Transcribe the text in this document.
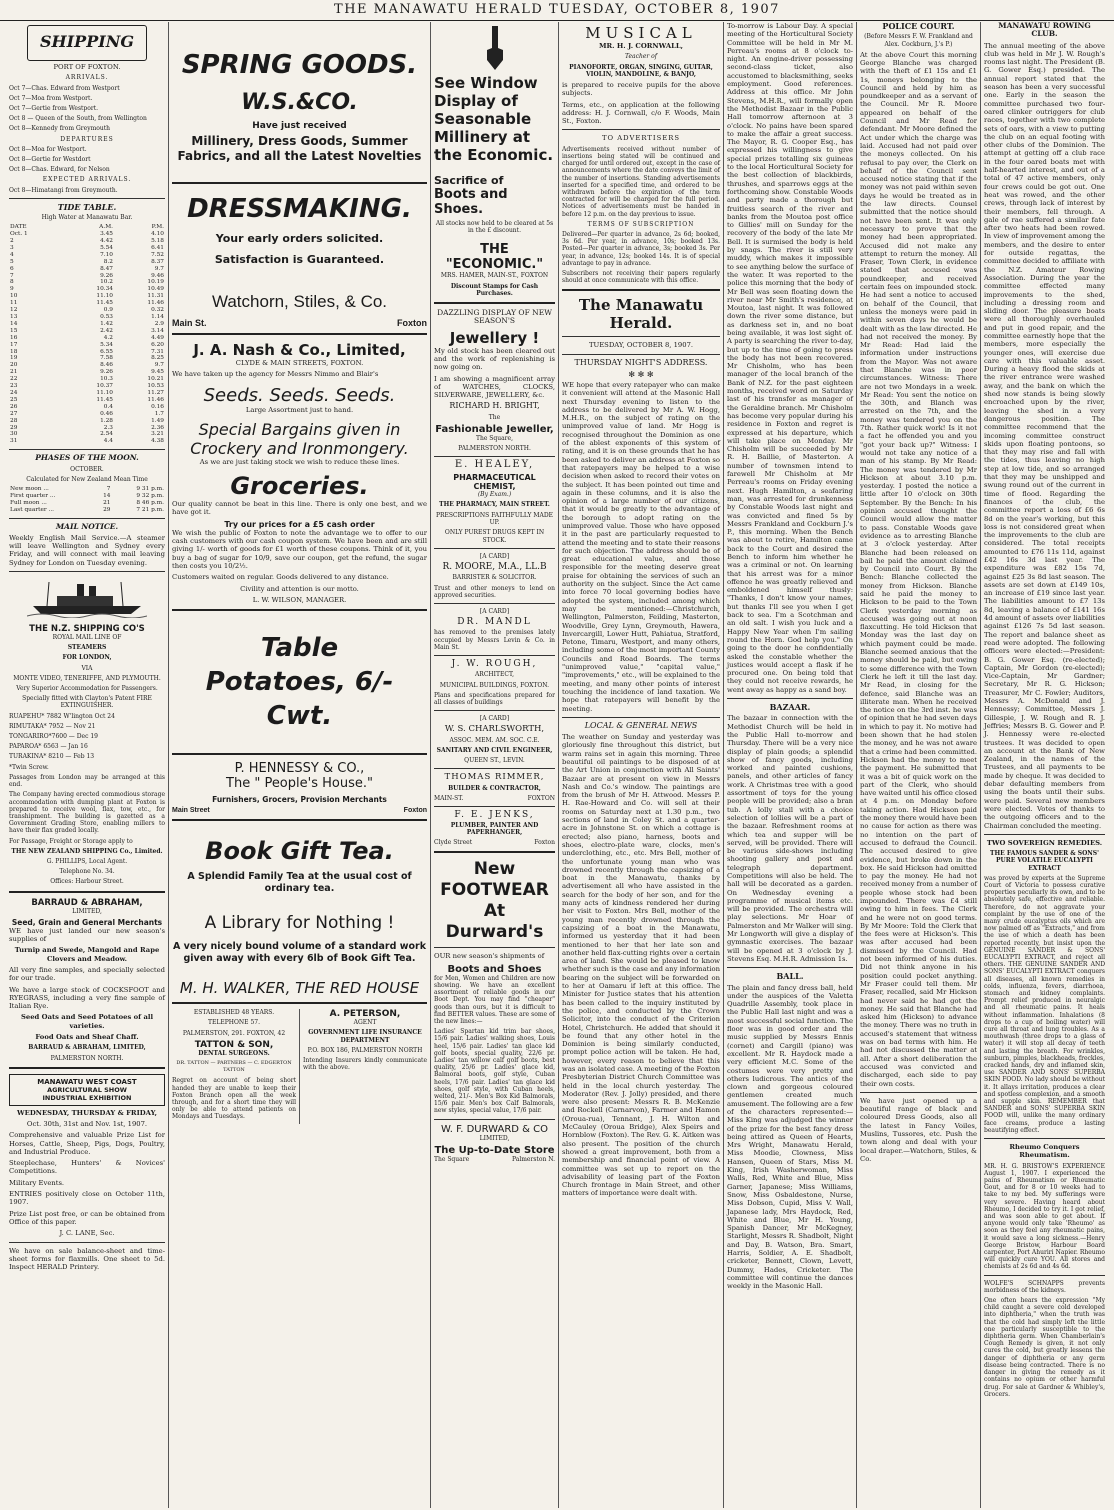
THE MANAWATU HERALD TUESDAY, OCTOBER 8, 1907
SHIPPING
PORT OF FOXTON.
ARRIVALS.
Oct 7—Chas. Edward from Westport
Oct 7—Moa from Westport.
Oct 7—Gertie from Westport.
Oct 8 — Queen of the South, from Wellington
Oct 8—Kennedy from Greymouth
DEPARTURES
Oct 8—Moa for Westport.
Oct 8—Gertie for Westdort
Oct 8—Chas. Edward, for Nelson
EXPECTED ARRIVALS.
Oct 8—Himatangi from Greymouth.
TIDE TABLE.
High Water at Manawatu Bar.
DATE	A.M.	P.M.
Oct. 1	3.45	4.10
2	4.42	5.18
3	5.54	6.41
4	7.10	7.52
5	8.2	8.37
6	8.47	9.7
7	9.26	9.46
8	10.2	10.19
9	10.34	10.49
10	11.10	11.31
11	11.45	11.46
12	0.9	0.32
13	0.53	1.14
14	1.42	2.9
15	2.42	3.14
16	4.2	4.49
17	5.34	6.20
18	6.55	7.31
19	7.58	8.25
20	8.46	9.7
21	9.26	9.45
22	10.3	10.21
23	10.37	10.53
24	11.10	11.27
25	11.45	11.46
26	0.4	0.16
27	0.46	1.7
28	1.28	1.49
29	2.3	2.36
30	2.54	3.21
31	4.4	4.38
PHASES OF THE MOON.
OCTOBER.
Calculated for New Zealand Mean Time
New moon ...	7	9 31 p.m.
First quarter ...	14	9 32 p.m.
Full moon ...	21	8 46 p.m.
Last quarter ...	29	7 21 p.m.
MAIL NOTICE.

Weekly English Mail Service.—A steamer will leave Wellington and Sydney every Friday, and will connect with mail leaving Sydney for London on Tuesday evening.

THE N.Z. SHIPPING CO'S
ROYAL MAIL LINE OF
STEAMERS
FOR LONDON,
VIA
MONTE VIDEO, TENERIFFE, AND PLYMOUTH.
Very Superior Accommodation for Passengers.
Specially fitted with Clayton's Patent FIRE EXTINGUISHER.
RUAPEHU* 7882 W'lington Oct 24
RIMUTAKA* 7952 — Nov 21
TONGARIRO*7600 — Dec 19
PAPAROA* 6563 — Jan 16
TURAKINA* 8210 — Feb 13
*Twin Screw.

Passages from London may be arranged at this end.

The Company having erected commodious storage accommodation with dumping plant at Foxton is prepared to receive wool, flax, tow, etc., for transhipment. The building is gazetted as a Government Grading Store, enabling millers to have their flax graded locally.

For Passage, Freight or Storage apply to

THE NEW ZEALAND SHIPPING Co., Limited.
G. PHILLIPS, Local Agent.
Telephone No. 34.
Offices: Harbour Street.
BARRAUD & ABRAHAM,
LIMITED,
Seed, Grain and General Merchants

WE have just landed our new season's supplies of

Turnip and Swede, Mangold and Rape Clovers and Meadow.

All very fine samples, and specially selected for our trade.

We have a large stock of COCKSFOOT and RYEGRASS, including a very fine sample of Italian Rye.

Seed Oats and Seed Potatoes of all varieties.
Food Oats and Sheaf Chaff.
BARRAUD & ABRAHAM, LIMITED,
PALMERSTON NORTH.
MANAWATU WEST COAST
AGRICULTURAL SHOW
INDUSTRIAL EXHIBITION
WEDNESDAY, THURSDAY & FRIDAY,
Oct. 30th, 31st and Nov. 1st, 1907.

Comprehensive and valuable Prize List for Horses, Cattle, Sheep, Pigs, Dogs, Poultry, and Industrial Produce.

Steeplechase, Hunters' & Novices' Competitions.

Military Events.

ENTRIES positively close on October 11th, 1907.

Prize List post free, or can be obtained from Office of this paper.

J. C. LANE, Sec.

We have on sale balance-sheet and time-sheet forms for flaxmills. One sheet to 5d. Inspect HERALD Printery.

SPRING GOODS.
W.S.&CO.
Have just received
Millinery, Dress Goods, Summer Fabrics, and all the Latest Novelties
DRESSMAKING.
Your early orders solicited.
Satisfaction is Guaranteed.
Watchorn, Stiles, & Co.
Main St.	Foxton
J. A. Nash & Co., Limited,
CLYDE & MAIN STREETS, FOXTON.

We have taken up the agency for Messrs Nimmo and Blair's

Seeds. Seeds. Seeds.
Large Assortment just to hand.
Special Bargains given in Crockery and Ironmongery.
As we are just taking stock we wish to reduce these lines.
Groceries.

Our quality cannot be beat in this line. There is only one best, and we have got it.

Try our prices for a £5 cash order

We wish the public of Foxton to note the advantage we to offer to our cash customers with our cash coupon system. We have been and are still giving 1/- worth of goods for £1 worth of these coupons. Think of it, you buy a bag of sugar for 10/9, save our coupon, get the refund, the sugar then costs you 10/2½.

Customers waited on regular. Goods delivered to any distance.

Civility and attention is our motto.
L. W. WILSON, MANAGER.
Table Potatoes, 6/- Cwt.
P. HENNESSY & CO.,
The " People's House."
Furnishers, Grocers, Provision Merchants
Main Street	Foxton
Book Gift Tea.
A Splendid Family Tea at the usual cost of ordinary tea.
A Library for Nothing !
A very nicely bound volume of a standard work given away with every 6lb of Book Gift Tea.
M. H. WALKER, THE RED HOUSE
ESTABLISHED 48 YEARS.
TELEPHONE 57.
PALMERSTON, 291. FOXTON, 42
TATTON & SON,
DENTAL SURGEONS.
DR. TATTON — PARTNERS — C. EDGERTON TATTON

Regret on account of being short handed they are unable to keep their Foxton Branch open all the week through, and for a short time they will only be able to attend patients on Mondays and Tuesdays.

A. PETERSON,
AGENT
GOVERNMENT LIFE INSURANCE DEPARTMENT
P.O. BOX 186, PALMERSTON NORTH

Intending Insurers kindly communicate with the above.

See Window Display of Seasonable Millinery at the Economic.
Sacrifice of
Boots and Shoes.
All stocks now held to be cleared at 5s in the £ discount.
THE "ECONOMIC."
MRS. HAMER, MAIN-ST., FOXTON
Discount Stamps for Cash Purchases.
DAZZLING DISPLAY OF NEW SEASON'S
Jewellery !

My old stock has been cleared out and the work of replenishing is now going on.

I am showing a magnificent array of WATCHES, CLOCKS, SILVERWARE, JEWELLERY, &c.

RICHARD H. BRIGHT,
The
Fashionable Jeweller,
The Square,
PALMERSTON NORTH.
E. HEALEY,
PHARMACEUTICAL CHEMIST,
(By Exam.)
THE PHARMACY, MAIN STREET.
PRESCRIPTIONS FAITHFULLY MADE UP.
ONLY PUREST DRUGS KEPT IN STOCK.
[A CARD]
R. MOORE, M.A., LL.B
BARRISTER & SOLICITOR.

Trust and other moneys to lend on approved securities.

[A CARD]
DR. MANDL

has removed to the premises lately occupied by Messrs Levin & Co. in Main St.

J. W. ROUGH,
ARCHITECT,
MUNICIPAL BUILDINGS, FOXTON.

Plans and specifications prepared for all classes of buildings

[A CARD]
W. S. CHARLSWORTH,
ASSOC. MEM. AM. SOC. C.E.
SANITARY AND CIVIL ENGINEER,
QUEEN ST., LEVIN.
THOMAS RIMMER,
BUILDER & CONTRACTOR,
MAIN-ST.	FOXTON
F. E. JENKS,
PLUMBER, PAINTER AND PAPERHANGER,
Clyde Street	Foxton
New FOOTWEAR At Durward's

OUR new season's shipments of

Boots and Shoes

for Men, Women and Children are now showing. We have an excellent assortment of reliable goods in our Boot Dept. You may find "cheaper" goods than ours, but it is difficult to find BETTER values. These are some of the new lines:—

Ladies' Spartan kid trim bar shoes, 15/6 pair. Ladies' walking shoes, Louis heel, 15/6 pair. Ladies' tan glace kid golf boots, special quality, 22/6 pr. Ladies' tan willow calf golf boots, best quality, 25/6 pr. Ladies' glace kid, Balmoral boots, golf style, Cuban heels, 17/6 pair. Ladies' tan glace kid shoes, golf style, with Cuban heels, welted, 21/-. Men's Box Kid Balmorals, 15/6 pair. Men's box Calf Balmorals, new styles, special value, 17/6 pair.

W. F. DURWARD & CO
LIMITED,
The Up-to-Date Store
The Square	Palmerston N.
MUSICAL
MR. H. J. CORNWALL,
Teacher of
PIANOFORTE, ORGAN, SINGING, GUITAR, VIOLIN, MANDOLINE, & BANJO,

is prepared to receive pupils for the above subjects.

Terms, etc., on application at the following address: H. J. Cornwall, c/o F. Woods, Main St., Foxton.

TO ADVERTISERS

Advertisements received without number of insertions being stated will be continued and charged for until ordered out, except in the case of announcements where the date conveys the limit of the number of insertions. Standing advertisements inserted for a specified time, and ordered to be withdrawn before the expiration of the term contracted for will be charged for the full period. Notices of advertisements must be handed in before 12 p.m. on the day previous to issue.

TERMS OF SUBSCRIPTION

Delivered—Per quarter in advance, 2s 6d; booked, 3s 6d. Per year, in advance, 10s; booked 13s. Posted—Per quarter in advance, 3s; booked 3s. Per year, in advance, 12s; booked 14s. It is of special advantage to pay in advance.

Subscribers not receiving their papers regularly should at once communicate with this office.

The Manawatu Herald.
TUESDAY, OCTOBER 8, 1907.
THURSDAY NIGHT'S ADDRESS.
✻ ✻ ✻

WE hope that every ratepayer who can make it convenient will attend at the Masonic Hall next Thursday evening to listen to the address to be delivered by Mr A. W. Hogg, M.H.R., on the subject of rating on the unimproved value of land. Mr Hogg is recognised throughout the Dominion as one of the ablest exponents of this system of rating, and it is on these grounds that he has been asked to deliver an address at Foxton so that ratepayers may be helped to a wise decision when asked to record their votes on the subject. It has been pointed out time and again in these columns, and it is also the opinion of a large number of our citizens, that it would be greatly to the advantage of the borough to adopt rating on the unimproved value. Those who have opposed it in the past are particularly requested to attend the meeting and to state their reasons for such objection. The address should be of great educational value, and those responsible for the meeting deserve great praise for obtaining the services of such an authority on the subject. Since the Act came into force 70 local governing bodies have adopted the system, included among which may be mentioned:—Christchurch, Wellington, Palmerston, Feilding, Masterton, Woodville, Grey Lynn, Greymouth, Hawera, Invercargill, Lower Hutt, Pahiatua, Stratford, Petone, Timaru, Westport, and many others, including some of the most important County Councils and Road Boards. The terms "unimproved value," "capital value," "improvements," etc., will be explained to the meeting, and many other points of interest touching the incidence of land taxation. We hope that ratepayers will benefit by the meeting.

LOCAL & GENERAL NEWS

The weather on Sunday and yesterday was gloriously fine throughout this district, but warm rains set in again this morning. Three beautiful oil paintings to be disposed of at the Art Union in conjunction with All Saints' Bazaar are at present on view in Messrs Nash and Co.'s window. The paintings are from the brush of Mr H. Attwood. Messrs P. H. Rae-Howard and Co. will sell at their rooms on Saturday next at 1.30 p.m., two sections of land in Coley St. and a quarter-acre in Johnstone St. on which a cottage is erected; also piano, harness, boots and shoes, electro-plate ware, clocks, men's underclothing, etc., etc. Mrs Bell, mother of the unfortunate young man who was drowned recently through the capsizing of a boat in the Manawatu, thanks by advertisement all who have assisted in the search for the body of her son, and for the many acts of kindness rendered her during her visit to Foxton. Mrs Bell, mother of the young man recently drowned through the capsizing of a boat in the Manawatu, informed us yesterday that it had been mentioned to her that her late son and another held flax-cutting rights over a certain area of land. She would be pleased to know whether such is the case and any information bearing on the subject will be forwarded on to her at Oamaru if left at this office. The Minister for Justice states that his attention has been called to the inquiry instituted by the police, and conducted by the Crown Solicitor, into the conduct of the Criterion Hotel, Christchurch. He added that should it be found that any other hotel in the Dominion is being similarly conducted, prompt police action will be taken. He had, however, every reason to believe that this was an isolated case. A meeting of the Foxton Presbyterian District Church Committee was held in the local church yesterday. The Moderator (Rev. J. Jolly) presided, and there were also present: Messrs R. B. McKenzie and Rockell (Carnarvon), Farmer and Hamon (Oroua-rua), Tennant, J. H. Wilton and McCauley (Oroua Bridge), Alex Speirs and Hornblow (Foxton). The Rev. G. K. Aitken was also present. The position of the church showed a great improvement, both from a membership and financial point of view. A committee was set up to report on the advisability of leasing part of the Foxton Church frontage in Main Street, and other matters of importance were dealt with.

To-morrow is Labour Day. A special meeting of the Horticultural Society Committee will be held in Mr M. Perreau's rooms at 8 o'clock to-night. An engine-driver possessing second-class ticket, also accustomed to blacksmithing, seeks employment. Good references. Address at this office. Mr John Stevens, M.H.R., will formally open the Methodist Bazaar in the Public Hall tomorrow afternoon at 3 o'clock. No pains have been spared to make the affair a great success. The Mayor, R. G. Cooper Esq., has expressed his willingness to give special prizes totalling six guineas to the local Horticultural Society for the best collection of blackbirds, thrushes, and sparrows eggs at the forthcoming show. Constable Woods and party made a thorough but fruitless search of the river and banks from the Moutoa post office to Gillies' mill on Sunday for the recovery of the body of the late Mr Bell. It is surmised the body is held by snags. The river is still very muddy, which makes it impossible to see anything below the surface of the water. It was reported to the police this morning that the body of Mr Bell was seen floating down the river near Mr Smith's residence, at Moutoa, last night. It was followed down the river some distance, but as darkness set in, and no boat being available, it was lost sight of. A party is searching the river to-day, but up to the time of going to press the body has not been recovered. Mr Chisholm, who has been manager of the local branch of the Bank of N.Z. for the past eighteen months, received word on Saturday last of his transfer as manager of the Geraldine branch. Mr Chisholm has become very popular during his residence in Foxton and regret is expressed at his departure, which will take place on Monday. Mr Chisholm will be succeeded by Mr R. H. Baillie, of Masterton. A number of townsmen intend to farewell Mr Chisholm at Mr Perreau's rooms on Friday evening next. Hugh Hamilton, a seafaring man, was arrested for drunkenness by Constable Woods last night and was convicted and fined 5s by Messrs Frankland and Cockburn J.'s P., this morning. When the Bench was about to retire, Hamilton came back to the Court and desired the Bench to inform him whether he was a criminal or not. On learning that his arrest was for a minor offence he was greatly relieved and emboldened himself thusly: "Thanks, I don't know your names, but thanks I'll see you when I get back to sea. I'm a Scotchman and an old salt. I wish you luck and a Happy New Year when I'm sailing round the Horn. God help you." On going to the door he confidentially asked the constable whether the justices would accept a flask if he procured one. On being told that they could not receive rewards, he went away as happy as a sand boy.

BAZAAR.

The bazaar in connection with the Methodist Church will be held in the Public Hall to-morrow and Thursday. There will be a very nice display of plain goods; a splendid show of fancy goods, including worked and painted cushions, panels, and other articles of fancy work. A Christmas tree with a good assortment of toys for the young people will be provided; also a bran tub. A lolly stall with a choice selection of lollies will be a part of the bazaar. Refreshment rooms at which tea and supper will be served, will be provided. There will be various side-shows including shooting gallery and post and telegraph department. Competitions will also be held. The hall will be decorated as a garden. On Wednesday evening a programme of musical items etc. will be provided. The orchestra will play selections. Mr Hoar of Palmerston and Mr Walker will sing. Mr Longworth will give a display of gymnastic exercises. The bazaar will be opened at 3 o'clock by J. Stevens Esq. M.H.R. Admission 1s.

BALL.

The plain and fancy dress ball, held under the auspices of the Valetta Quadrille Assembly, took place in the Public Hall last night and was a most successful social function. The floor was in good order and the music supplied by Messrs Ennis (cornet) and Cargill (piano) was excellent. Mr R. Haydock made a very efficient M.C. Some of the costumes were very pretty and others ludicrous. The antics of the clown and gorgeous coloured gentlemen created much amusement. The following are a few of the characters represented:— Miss King was adjudged the winner of the prize for the best fancy dress being attired as Queen of Hearts, Mrs Wright, Manawatu Herald, Miss Moodie, Clowness, Miss Hansen, Queen of Stars, Miss M. King, Irish Washerwoman, Miss Walls, Red, White and Blue, Miss Garner, Japanese; Miss Williams, Snow, Miss Osbaldestone, Nurse, Miss Dobson, Cupid, Miss V. Wall, Japanese lady, Mrs Haydock, Red, White and Blue, Mr H. Young, Spanish Dancer, Mr McKegney, Starlight, Messrs R. Shadbolt, Night and Day, B. Watson, Bra. Smart, Harris, Soldier, A. E. Shadbolt, cricketer, Bennett, Clown, Levett, Dummy, Hades, Cricketer. The committee will continue the dances weekly in the Masonic Hall.

POLICE COURT.
(Before Messrs F. W. Frankland and Alex. Cockburn, J.'s P.)

At the above Court this morning George Blanche was charged with the theft of £1 15s and £1 1s, moneys belonging to the Council and held by him as poundkeeper and as a servant of the Council. Mr R. Moore appeared on behalf of the Council and Mr Read for defendant. Mr Moore defined the Act under which the charge was laid. Accused had not paid over the moneys collected. On his refusal to pay over, the Clerk on behalf of the Council sent accused notice stating that if the money was not paid within seven days he would be treated as in the law directs. Counsel submitted that the notice should not have been sent. It was only necessary to prove that the money had been appropriated. Accused did not make any attempt to return the money. All Fraser, Town Clerk, in evidence stated that accused was poundkeeper, and received certain fees on impounded stock. He had sent a notice to accused on behalf of the Council, that unless the moneys were paid in within seven days he would be dealt with as the law directed. He had not received the money. By Mr Read: Had laid the information under instructions from the Mayor. Was not aware that Blanche was in poor circumstances. Witness: There are not two Mondays in a week. Mr Read: You sent the notice on the 30th, and Blanch was arrested on the 7th, and the money was tendered you on the 7th. Rather quick work! Is it not a fact he offended you and you "got your back up?" Witness: I would not take any notice of a man of his stamp. By Mr Read: The money was tendered by Mr Hickson at about 3.10 p.m. yesterday. I posted the notice a little after 10 o'clock on 30th September. By the Bench: In his opinion accused thought the Council would allow the matter to pass. Constable Woods gave evidence as to arresting Blanche at 3 o'clock yesterday. After Blanche had been released on bail he paid the amount claimed by Council into Court. By the Bench: Blanche collected the money from Hickson. Blanche said he paid the money to Hickson to be paid to the Town Clerk yesterday morning as accused was going out at noon flaxcutting. He told Hickson that Monday was the last day on which payment could be made. Blanche seemed anxious that the money should be paid, but owing to some difference with the Town Clerk he left it till the last day. Mr Read, in closing for the defence, said Blanche was an illiterate man. When he received the notice on the 3rd inst. he was of opinion that he had seven days in which to pay it. No motive had been shown that he had stolen the money, and he was not aware that a crime had been committed. Hickson had the money to meet the payment. He submitted that it was a bit of quick work on the part of the Clerk, who should have waited until his office closed at 4 p.m. on Monday before taking action. Had Hickson paid the money there would have been no cause for action as there was no intention on the part of accused to defraud the Council. The accused desired to give evidence, but broke down in the box. He said Hickson had omitted to pay the money. He had not received money from a number of people whose stock had been impounded. There was £4 still owing to him in fees. The Clerk and he were not on good terms. By Mr Moore: Told the Clerk that the fees were at Hickson's. This was after accused had been dismissed by the Council. Had not been informed of his duties. Did not think anyone in his position could pocket anything. Mr Fraser could tell them. Mr Fraser, recalled, said Mr Hickson had never said he had got the money. He said that Blanche had asked him (Hickson) to advance the money. There was no truth in accused's statement that witness was on bad terms with him. He had not discussed the matter at all. After a short deliberation the accused was convicted and discharged, each side to pay their own costs.

We have just opened up a beautiful range of black and coloured Dress Goods, also all the latest in Fancy Voiles, Muslins, Tussores, etc. Push the town along and deal with your local draper.—Watchorn, Stiles, & Co.

MANAWATU ROWING CLUB.

The annual meeting of the above club was held in Mr J. W. Rough's rooms last night. The President (B. G. Gower Esq.) presided. The annual report stated that the season has been a very successful one. Early in the season the committee purchased two four-oared clinker outriggers for club races, together with two complete sets of oars, with a view to putting the club on an equal footing with other clubs of the Dominion. The attempt at getting off a club race in the four oared boats met with half-hearted interest, and out of a total of 47 active members, only four crews could be got out. One heat was rowed, and the other crews, through lack of interest by their members, fell through. A gale of rae suffered a similar fate after two heats had been rowed. In view of improvement among the members, and the desire to enter for outside regattas, the committee decided to affiliate with the N.Z. Amateur Rowing Association. During the year the committee effected many improvements to the shed, including a dressing room and sliding door. The pleasure boats were all thoroughly overhauled and put in good repair, and the committee earnestly hope that the members, more especially the younger ones, will exercise due care with this valuable asset. During a heavy flood the skids at the river entrance were washed away, and the bank on which the shed now stands is being slowly encroached upon by the river, leaving the shed in a very dangerous position. The committee recommend that the incoming committee construct skids upon floating pontoons, so that they may rise and fall with the tides, thus leaving no high step at low tide, and so arranged that they may be unshipped and swung round out of the current in time of flood. Regarding the finances of the club, the committee report a loss of £6 6s 8d on the year's working, but this loss is not considered great when the improvements to the club are considered. The total receipts amounted to £76 11s 11d, against £42 16s 3d last year. The expenditure was £82 15s 7d, against £25 3s 8d last season. The assets are set down at £149 10s, an increase of £19 since last year. The liabilities amount to £7 13s 8d, leaving a balance of £141 16s 4d amount of assets over liabilities against £126 7s 5d last season. The report and balance sheet as read were adopted. The following officers were elected:—President: B. G. Gower Esq. (re-elected); Captain, Mr Gordon (re-elected); Vice-Captain, Mr Gardner; Secretary, Mr R. G. Hickson; Treasurer, Mr C. Fowler; Auditors, Messrs A. McDonald and J. Hennessy; Committee, Messrs J. Gillespie, J. W. Rough and R. J. Jeffries; Messrs B. G. Gower and P. J. Hennessy were re-elected trustees. It was decided to open an account at the Bank of New Zealand, in the names of the Trustees, and all payments to be made by cheque. It was decided to debar defaulting members from using the boats until their subs. were paid. Several new members were elected. Votes of thanks to the outgoing officers and to the Chairman concluded the meeting.

TWO SOVEREIGN REMEDIES.
THE FAMOUS SANDER & SONS' PURE VOLATILE EUCALYPTI EXTRACT

was proved by experts at the Supreme Court of Victoria to possess curative properties peculiarly its own, and to be absolutely safe, effective and reliable. Therefore, do not aggravate your complaint by the use of one of the many crude eucalyptus oils which are now palmed off as "Extracts," and from the use of which a death has been reported recently, but insist upon the GENUINE SANDER & SONS' EUCALYPTI EXTRACT, and reject all others. THE GENUINE SANDER AND SONS' EUCALYPTI EXTRACT conquers all diseases, all known remedies in colds, influenza, fevers, diarrhoea, stomach and kidney complaints. Prompt relief produced in neuralgic and all rheumatic pains. It heals without inflammation. Inhalations (8 drops to a cup of boiling water) will cure all throat and lung troubles. As a mouthwash (three drops to a glass of water) it will stop all decay of teeth and lasting the breath. For wrinkles, sunburn, pimples, blackheads, freckles, cracked hands, dry and inflamed skin, use SANDER AND SONS' SUPERBA SKIN FOOD. No lady should be without it. It allays irritation, produces a clear and spotless complexion, and a smooth and supple skin. REMEMBER that SANDER and SONS' SUPERBA SKIN FOOD will, unlike the many ordinary face creams, produce a lasting beautifying effect.

Rheumo Conquers Rheumatism.

MR. H. G. BRISTOW'S EXPERIENCE August 1, 1907. I experienced the pains of Rheumatism or Rheumatic Gout, and for 8 or 10 weeks had to take to my bed. My sufferings were very severe. Having heard about Rheumo, I decided to try it. I got relief, and was soon able to get about. If anyone would only take 'Rheumo' as soon as they feel any rheumatic pains, it would save a long sickness.—Henry George Bristow, Harbour Board carpenter, Port Ahuriri Napier. Rheumo will quickly cure YOU. All stores and chemists at 2s 6d and 4s 6d.

WOLFE'S SCHNAPPS prevents morbidness of the kidneys.

One often hears the expression "My child caught a severe cold developed into diphtheria," when the truth was that the cold had simply left the little one particularly susceptible to the diphtheria germ. When Chamberlain's Cough Remedy is given, it not only cures the cold, but greatly lessens the danger of diphtheria or any germ disease being contracted. There is no danger in giving the remedy as it contains no opium or other harmful drug. For sale at Gardner & Whibley's, Grocers.
